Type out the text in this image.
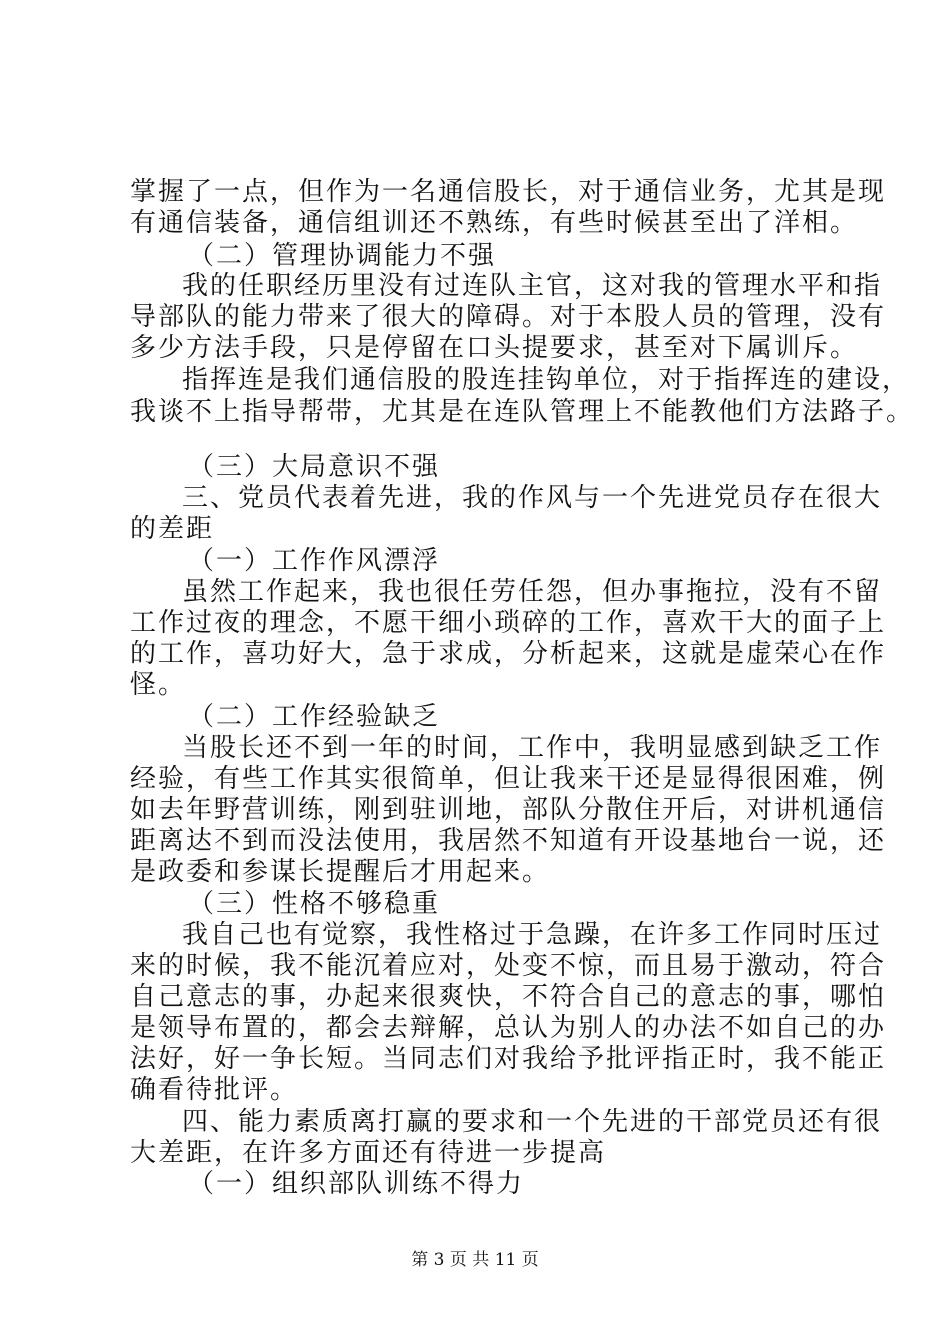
掌握了一点，但作为一名通信股长，对于通信业务，尤其是现
有通信装备，通信组训还不熟练，有些时候甚至出了洋相。
（二）管理协调能力不强
我的任职经历里没有过连队主官，这对我的管理水平和指
导部队的能力带来了很大的障碍。对于本股人员的管理，没有
多少方法手段，只是停留在口头提要求，甚至对下属训斥。
指挥连是我们通信股的股连挂钩单位，对于指挥连的建设，
我谈不上指导帮带，尤其是在连队管理上不能教他们方法路子。
（三）大局意识不强
三、党员代表着先进，我的作风与一个先进党员存在很大
的差距
（一）工作作风漂浮
虽然工作起来，我也很任劳任怨，但办事拖拉，没有不留
工作过夜的理念，不愿干细小琐碎的工作，喜欢干大的面子上
的工作，喜功好大，急于求成，分析起来，这就是虚荣心在作
怪。
（二）工作经验缺乏
当股长还不到一年的时间，工作中，我明显感到缺乏工作
经验，有些工作其实很简单，但让我来干还是显得很困难，例
如去年野营训练，刚到驻训地，部队分散住开后，对讲机通信
距离达不到而没法使用，我居然不知道有开设基地台一说，还
是政委和参谋长提醒后才用起来。
（三）性格不够稳重
我自己也有觉察，我性格过于急躁，在许多工作同时压过
来的时候，我不能沉着应对，处变不惊，而且易于激动，符合
自己意志的事，办起来很爽快，不符合自己的意志的事，哪怕
是领导布置的，都会去辩解，总认为别人的办法不如自己的办
法好，好一争长短。当同志们对我给予批评指正时，我不能正
确看待批评。
四、能力素质离打赢的要求和一个先进的干部党员还有很
大差距，在许多方面还有待进一步提高
（一）组织部队训练不得力
第 3 页 共 11 页
